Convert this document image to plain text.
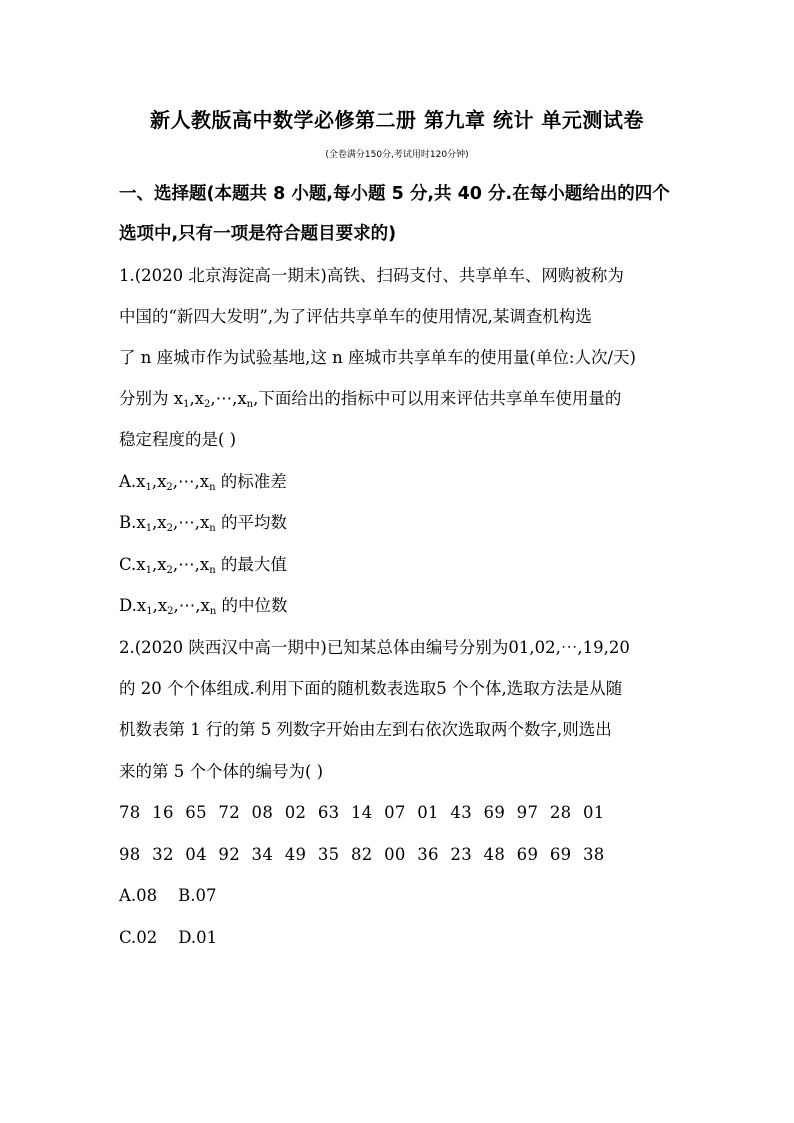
新人教版高中数学必修第二册 第九章 统计 单元测试卷
(全卷满分150分,考试用时120分钟)
一、选择题(本题共 8 小题,每小题 5 分,共 40 分.在每小题给出的四个
选项中,只有一项是符合题目要求的)
1.(2020 北京海淀高一期末)高铁、扫码支付、共享单车、网购被称为
中国的“新四大发明”,为了评估共享单车的使用情况,某调查机构选
了 n 座城市作为试验基地,这 n 座城市共享单车的使用量(单位:人次/天)
分别为 $x_1,x_2,\cdots,x_n$,下面给出的指标中可以用来评估共享单车使用量的
稳定程度的是( )
$A.x_1,x_2,\cdots,x_n$ 的标准差
$B.x_1,x_2,\cdots,x_n$ 的平均数
$C.x_1,x_2,\cdots,x_n$ 的最大值
$D.x_1,x_2,\cdots,x_n$ 的中位数
2.(2020 陕西汉中高一期中)已知某总体由编号分别为01,02,⋯,19,20
的 20 个个体组成.利用下面的随机数表选取5 个个体,选取方法是从随
机数表第 1 行的第 5 列数字开始由左到右依次选取两个数字,则选出
来的第 5 个个体的编号为( )
78 16 65 72 08 02 63 14 07 01 43 69 97 28 01
98 32 04 92 34 49 35 82 00 36 23 48 69 69 38
A.08    B.07
C.02    D.01
